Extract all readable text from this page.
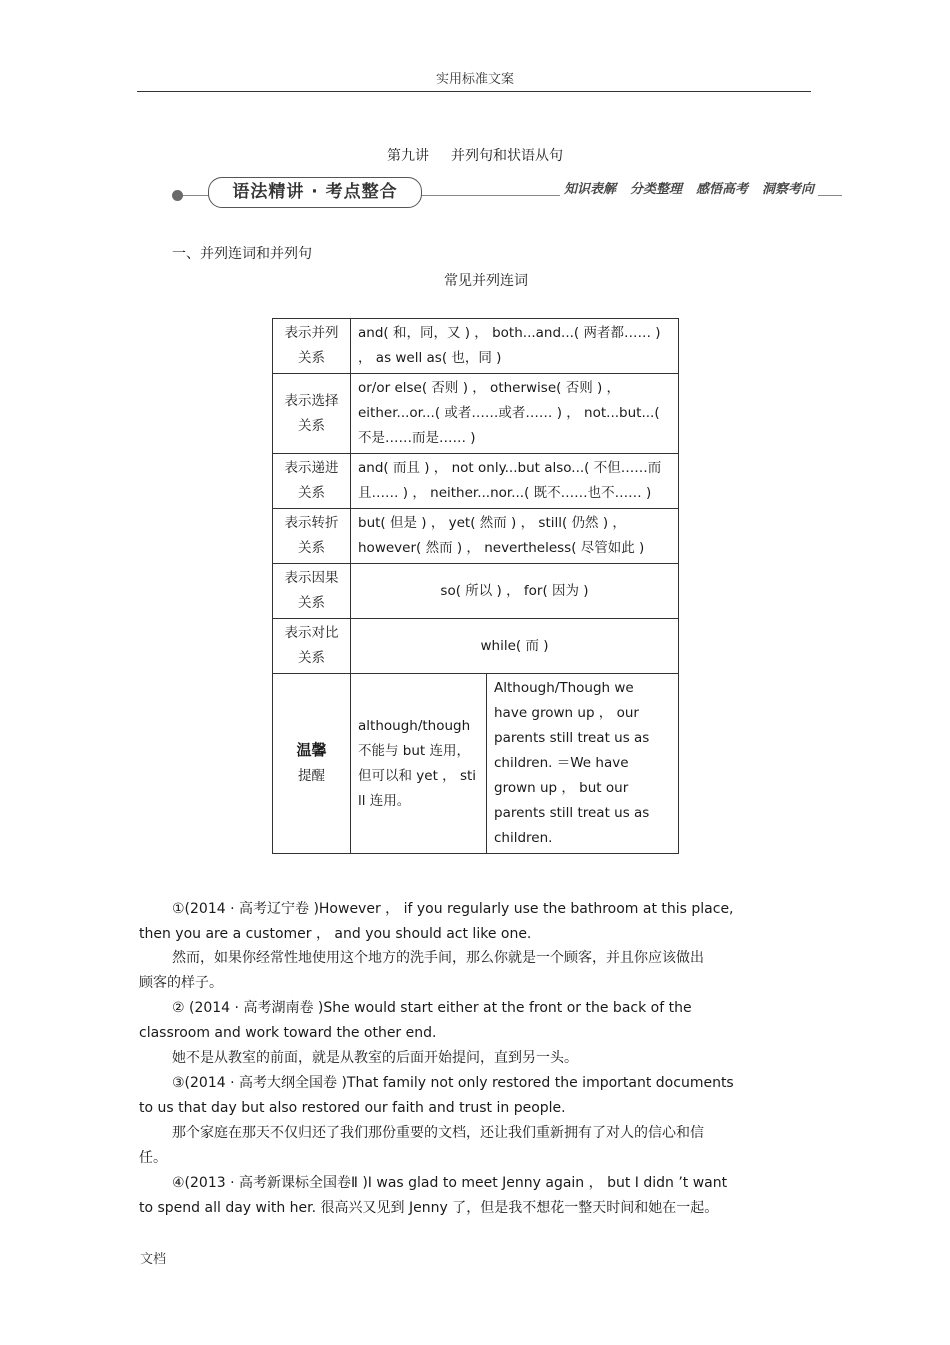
实用标准文案
第九讲 并列句和状语从句
语法精讲 · 考点整合	知识表解 分类整理 感悟高考 洞察考向
一、并列连词和并列句
常见并列连词
表示并列关系	and( 和，同，又 ) ， both...and...( 两者都…… ) ， as well as( 也，同 )	
表示选择关系	or/or else( 否则 ) ， otherwise( 否则 ) ， either...or...( 或者……或者…… ) ， not...but...( 不是……而是…… )	
表示递进关系	and( 而且 ) ， not only...but also...( 不但……而且…… ) ， neither...nor...( 既不……也不…… )	
表示转折关系	but( 但是 ) ， yet( 然而 ) ， still( 仍然 ) ， however( 然而 ) ， nevertheless( 尽管如此 )	
表示因果关系	so( 所以 ) ， for( 因为 )	
表示对比关系	while( 而 )	
温馨
提醒	although/though 不能与 but 连用，但可以和 yet ， still 连用。	Although/Though we have grown up ， our parents still treat us as children. ＝We have grown up ， but our parents still treat us as children.
①(2014 · 高考辽宁卷 )However ， if you regularly use the bathroom at this place,
then you are a customer ， and you should act like one.
然而，如果你经常性地使用这个地方的洗手间，那么你就是一个顾客，并且你应该做出
顾客的样子。
② (2014 · 高考湖南卷 )She would start either at the front or the back of the
classroom and work toward the other end.
她不是从教室的前面，就是从教室的后面开始提问，直到另一头。
③(2014 · 高考大纲全国卷 )That family not only restored the important documents
to us that day but also restored our faith and trust in people.
那个家庭在那天不仅归还了我们那份重要的文档，还让我们重新拥有了对人的信心和信
任。
④(2013 · 高考新课标全国卷Ⅱ )I was glad to meet Jenny again ， but I didn ’t want
to spend all day with her. 很高兴又见到 Jenny 了，但是我不想花一整天时间和她在一起。
文档
